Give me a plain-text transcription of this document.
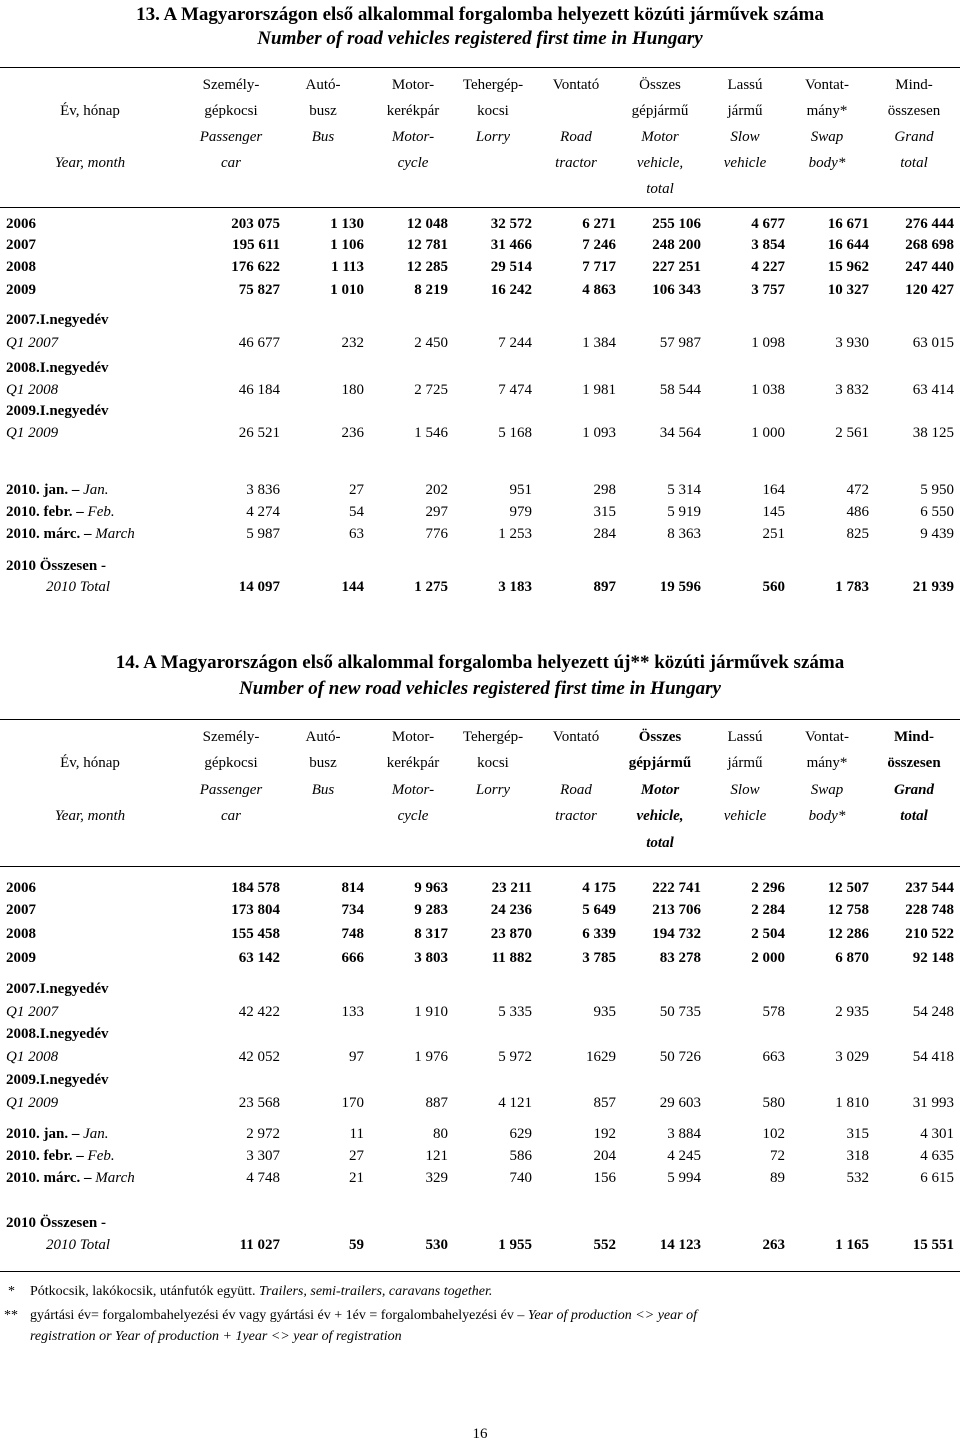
13. A Magyarországon első alkalommal forgalomba helyezett közúti járművek száma
Number of road vehicles registered first time in Hungary
Év, hónap
Year, month
Személy-
gépkocsi
Passenger
car
Autó-
busz
Bus
Motor-
kerékpár
Motor-
cycle
Tehergép-
kocsi
Lorry
Vontató
Road
tractor
Összes
gépjármű
Motor
vehicle,
total
Lassú
jármű
Slow
vehicle
Vontat-
mány*
Swap
body*
Mind-
összesen
Grand
total
2006	203 075	1 130	12 048	32 572	6 271	255 106	4 677	16 671	276 444
2007	195 611	1 106	12 781	31 466	7 246	248 200	3 854	16 644	268 698
2008	176 622	1 113	12 285	29 514	7 717	227 251	4 227	15 962	247 440
2009	75 827	1 010	8 219	16 242	4 863	106 343	3 757	10 327	120 427
2007.I.negyedév
Q1 2007	46 677	232	2 450	7 244	1 384	57 987	1 098	3 930	63 015
2008.I.negyedév
Q1 2008	46 184	180	2 725	7 474	1 981	58 544	1 038	3 832	63 414
2009.I.negyedév
Q1 2009	26 521	236	1 546	5 168	1 093	34 564	1 000	2 561	38 125
2010. jan. – Jan.	3 836	27	202	951	298	5 314	164	472	5 950
2010. febr. – Feb.	4 274	54	297	979	315	5 919	145	486	6 550
2010. márc. – March	5 987	63	776	1 253	284	8 363	251	825	9 439
2010 Összesen -
2010 Total	14 097	144	1 275	3 183	897	19 596	560	1 783	21 939
14. A Magyarországon első alkalommal forgalomba helyezett új** közúti járművek száma
Number of new road vehicles registered first time in Hungary
Év, hónap
Year, month
Személy-
gépkocsi
Passenger
car
Autó-
busz
Bus
Motor-
kerékpár
Motor-
cycle
Tehergép-
kocsi
Lorry
Vontató
Road
tractor
Összes
gépjármű
Motor
vehicle,
total
Lassú
jármű
Slow
vehicle
Vontat-
mány*
Swap
body*
Mind-
összesen
Grand
total
2006	184 578	814	9 963	23 211	4 175	222 741	2 296	12 507	237 544
2007	173 804	734	9 283	24 236	5 649	213 706	2 284	12 758	228 748
2008	155 458	748	8 317	23 870	6 339	194 732	2 504	12 286	210 522
2009	63 142	666	3 803	11 882	3 785	83 278	2 000	6 870	92 148
2007.I.negyedév
Q1 2007	42 422	133	1 910	5 335	935	50 735	578	2 935	54 248
2008.I.negyedév
Q1 2008	42 052	97	1 976	5 972	1629	50 726	663	3 029	54 418
2009.I.negyedév
Q1 2009	23 568	170	887	4 121	857	29 603	580	1 810	31 993
2010. jan. – Jan.	2 972	11	80	629	192	3 884	102	315	4 301
2010. febr. – Feb.	3 307	27	121	586	204	4 245	72	318	4 635
2010. márc. – March	4 748	21	329	740	156	5 994	89	532	6 615
2010 Összesen -
2010 Total	11 027	59	530	1 955	552	14 123	263	1 165	15 551
* Pótkocsik, lakókocsik, utánfutók együtt. Trailers, semi-trailers, caravans together.
** gyártási év= forgalombahelyezési év vagy gyártási év + 1év = forgalombahelyezési év – Year of production <> year of
registration or Year of production + 1year <> year of registration
16
